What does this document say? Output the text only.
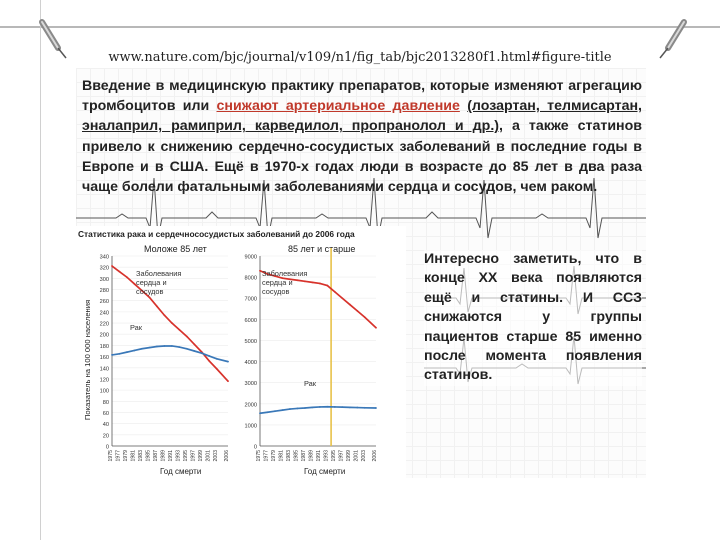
www.nature.com/bjc/journal/v109/n1/fig_tab/bjc2013280f1.html#figure-title
Введение в медицинскую практику препаратов, которые изменяют агрегацию тромбоцитов или снижают артериальное давление (лозартан, телмисартан, эналаприл, рамиприл, карведилол, пропранолол и др.), а также статинов привело к снижению сердечно-сосудистых заболеваний в последние годы в Европе и в США. Ещё в 1970-х годах люди в возрасте до 85 лет в два раза чаще болели фатальными заболеваниями сердца и сосудов, чем раком.
Статистика рака и сердечнососудистых заболеваний до 2006 года
Моложе 85 лет	85 лет и старше
Показатель на 100 000 населения
Год смерти	Год смерти
0
20
40
60
80
100
120
140
160
180
200
220
240
260
280
300
320
340
1975 1977 1979 1981 1983 1985 1987 1989 1991 1993 1995 1997 1999 2001 2003 2006
Заболевания сердца и сосудов
Рак
0
1000
2000
3000
4000
5000
6000
7000
8000
9000
1975 1977 1979 1981 1983 1985 1987 1989 1991 1993 1995 1997 1999 2001 2003 2006
Заболевания сердца и сосудов
Рак
Интересно заметить, что в конце XX века появляются ещё и статины. И ССЗ снижаются у группы пациентов старше 85 именно после момента появления статинов.
